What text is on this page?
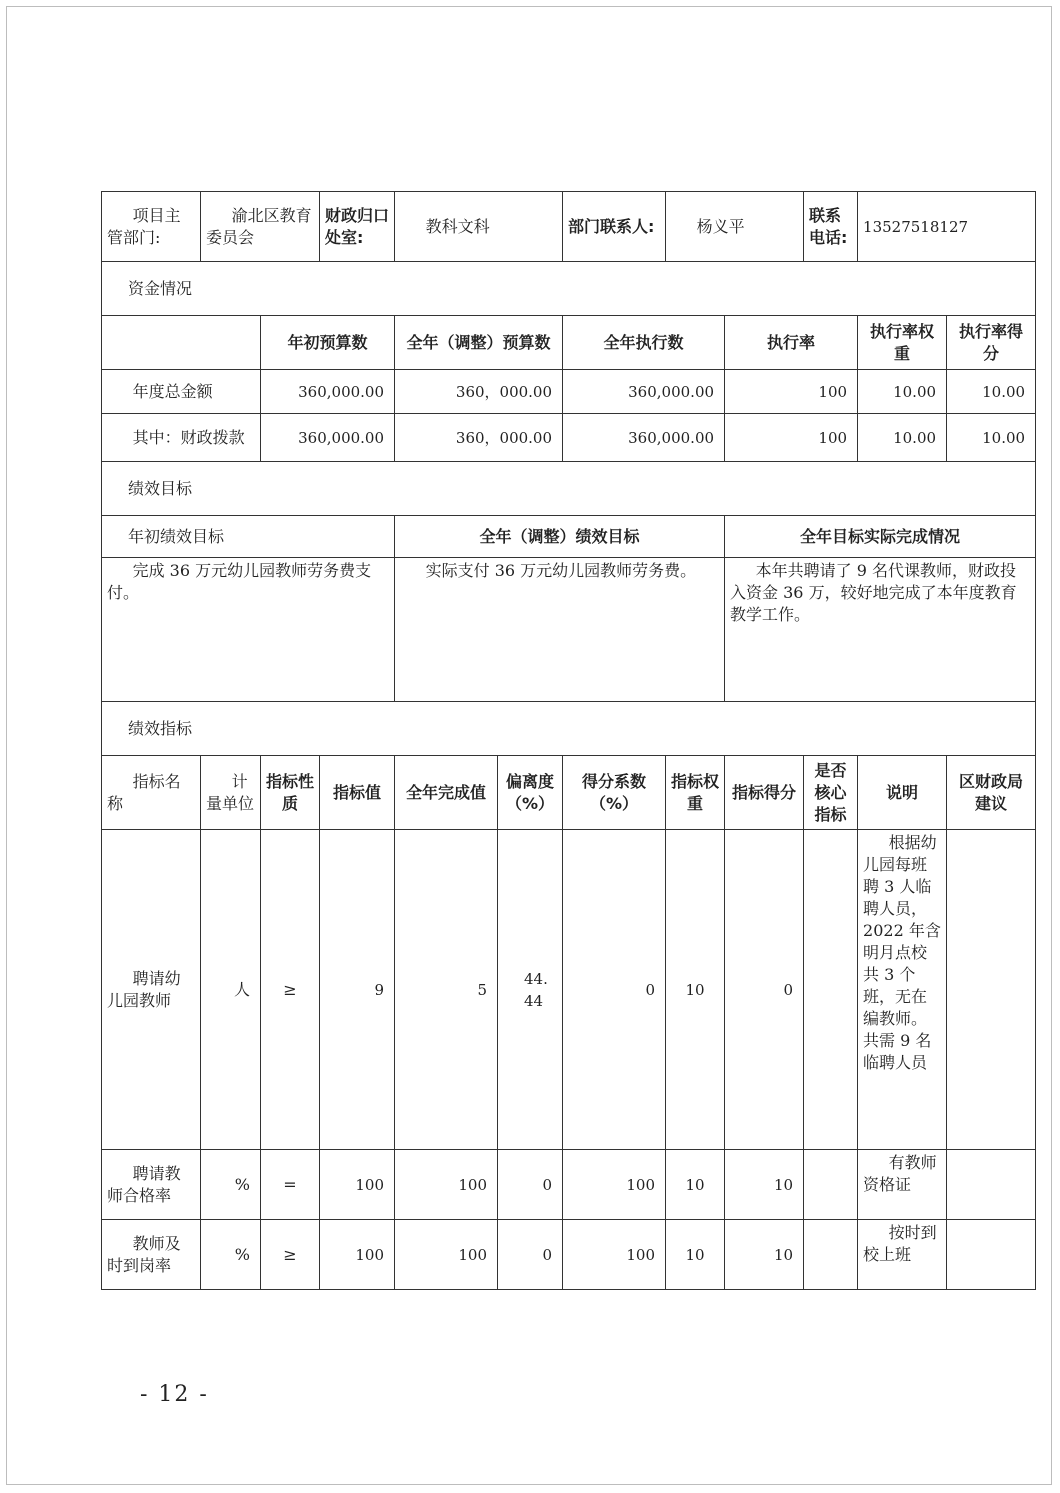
项目主管部门:	渝北区教育委员会		财政归口处室:	教科文科		部门联系人:	杨义平		联系电话:	13527518127	
资金情况											
		年初预算数		全年（调整）预算数		全年执行数		执行率		执行率权重	执行率得分
年度总金额		360,000.00		360，000.00		360,000.00		100		10.00	10.00
其中：财政拨款		360,000.00		360，000.00		360,000.00		100		10.00	10.00
绩效目标											
年初绩效目标				全年（调整）绩效目标				全年目标实际完成情况			
完成 36 万元幼儿园教师劳务费支付。				实际支付 36 万元幼儿园教师劳务费。				本年共聘请了 9 名代课教师，财政投入资金 36 万，较好地完成了本年度教育教学工作。			
绩效指标											
指标名称	计量单位	指标性质	指标值	全年完成值	偏离度（%）	得分系数（%）	指标权重	指标得分	是否核心指标	说明	区财政局建议
聘请幼儿园教师	人	≥	9	5	44.44	0	10	0		根据幼儿园每班聘 3 人临聘人员，2022 年含明月点校共 3 个班，无在编教师。共需 9 名临聘人员	
聘请教师合格率	%	=	100	100	0	100	10	10		有教师资格证	
教师及时到岗率	%	≥	100	100	0	100	10	10		按时到校上班	
- 12 -
